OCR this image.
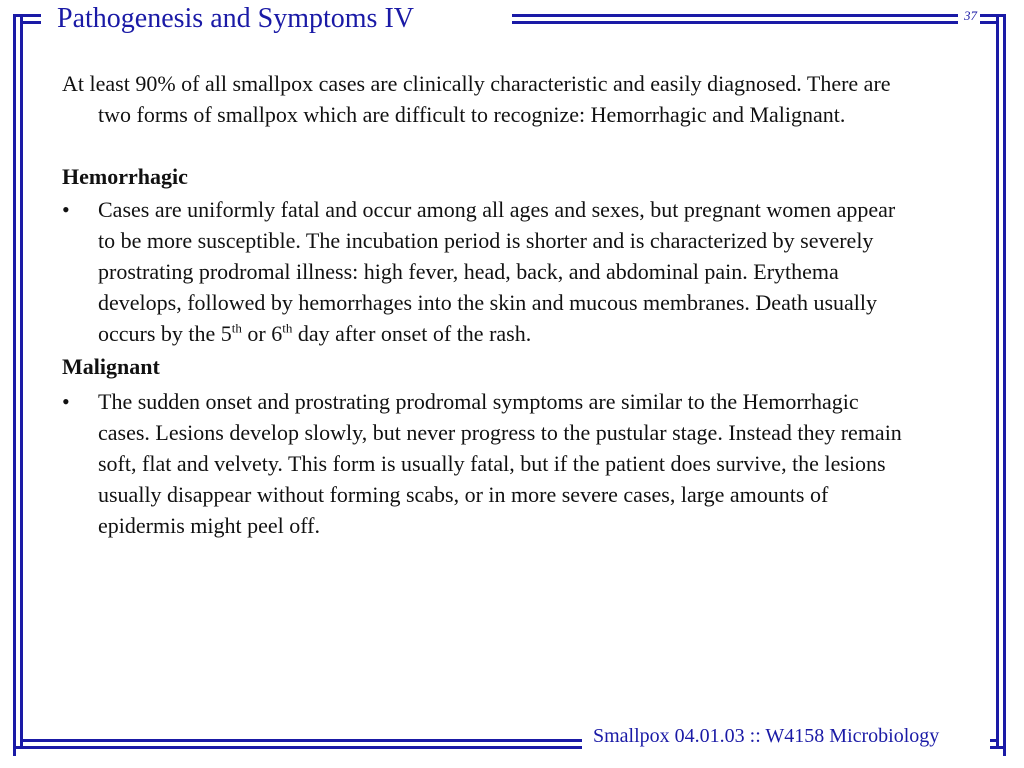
Pathogenesis and Symptoms IV	37

At least 90% of all smallpox cases are clinically characteristic and easily diagnosed. There are two forms of smallpox which are difficult to recognize: Hemorrhagic and Malignant.

Hemorrhagic

• Cases are uniformly fatal and occur among all ages and sexes, but pregnant women appear to be more susceptible. The incubation period is shorter and is characterized by severely prostrating prodromal illness: high fever, head, back, and abdominal pain. Erythema develops, followed by hemorrhages into the skin and mucous membranes. Death usually occurs by the 5th or 6th day after onset of the rash.

Malignant

• The sudden onset and prostrating prodromal symptoms are similar to the Hemorrhagic cases. Lesions develop slowly, but never progress to the pustular stage. Instead they remain soft, flat and velvety. This form is usually fatal, but if the patient does survive, the lesions usually disappear without forming scabs, or in more severe cases, large amounts of epidermis might peel off.

Smallpox 04.01.03 :: W4158 Microbiology
